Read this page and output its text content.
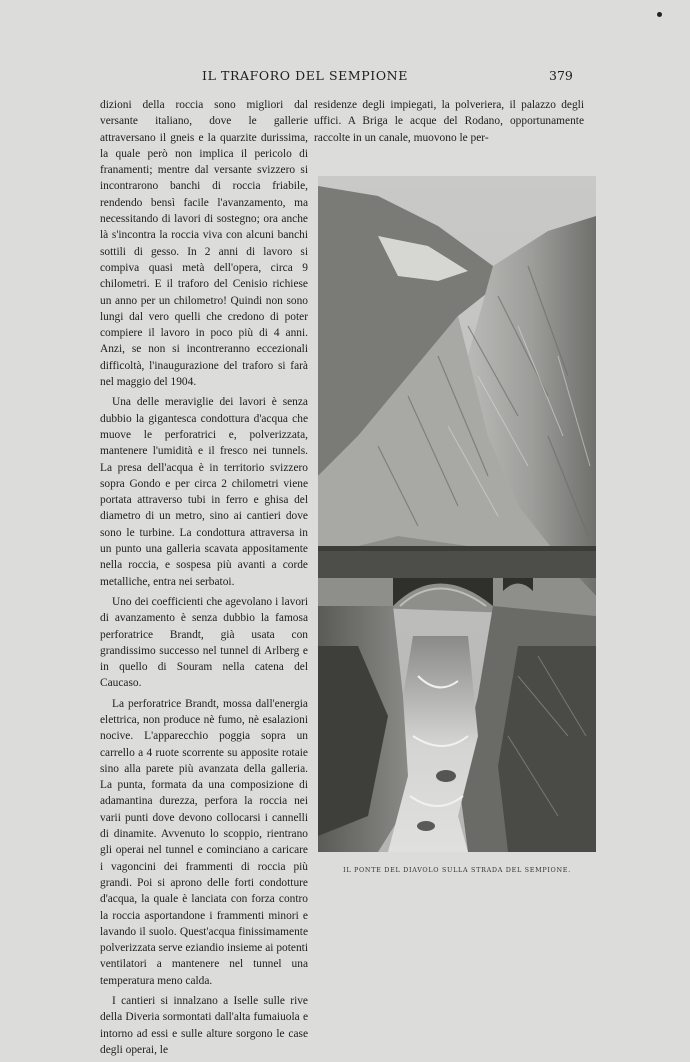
IL TRAFORO DEL SEMPIONE	379

dizioni della roccia sono migliori dal versante italiano, dove le gallerie attraversano il gneis e la quarzite durissima, la quale però non implica il pericolo di franamenti; mentre dal versante svizzero si incontrarono banchi di roccia friabile, rendendo bensì facile l'avanzamento, ma necessitando di lavori di sostegno; ora anche là s'incontra la roccia viva con alcuni banchi sottili di gesso. In 2 anni di lavoro si compiva quasi metà dell'opera, circa 9 chilometri. E il traforo del Cenisio richiese un anno per un chilometro! Quindi non sono lungi dal vero quelli che credono di poter compiere il lavoro in poco più di 4 anni. Anzi, se non si incontreranno eccezionali difficoltà, l'inaugurazione del traforo si farà nel maggio del 1904.

Una delle meraviglie dei lavori è senza dubbio la gigantesca condottura d'acqua che muove le perforatrici e, polverizzata, mantenere l'umidità e il fresco nei tunnels. La presa dell'acqua è in territorio svizzero sopra Gondo e per circa 2 chilometri viene portata attraverso tubi in ferro e ghisa del diametro di un metro, sino ai cantieri dove sono le turbine. La condottura attraversa in un punto una galleria scavata appositamente nella roccia, e sospesa più avanti a corde metalliche, entra nei serbatoi.

Uno dei coefficienti che agevolano i lavori di avanzamento è senza dubbio la famosa perforatrice Brandt, già usata con grandissimo successo nel tunnel di Arlberg e in quello di Souram nella catena del Caucaso.

La perforatrice Brandt, mossa dall'energia elettrica, non produce nè fumo, nè esalazioni nocive. L'apparecchio poggia sopra un carrello a 4 ruote scorrente su apposite rotaie sino alla parete più avanzata della galleria. La punta, formata da una composizione di adamantina durezza, perfora la roccia nei varii punti dove devono collocarsi i cannelli di dinamite. Avvenuto lo scoppio, rientrano gli operai nel tunnel e cominciano a caricare i vagoncini dei frammenti di roccia più grandi. Poi si aprono delle forti condotture d'acqua, la quale è lanciata con forza contro la roccia asportandone i frammenti minori e lavando il suolo. Quest'acqua finissimamente polverizzata serve eziandio insieme ai potenti ventilatori a mantenere nel tunnel una temperatura meno calda.

I cantieri si innalzano a Iselle sulle rive della Diveria sormontati dall'alta fumaiuola e intorno ad essi e sulle alture sorgono le case degli operai, le

residenze degli impiegati, la polveriera, il palazzo degli uffici. A Briga le acque del Rodano, opportunamente raccolte in un canale, muovono le per-

IL PONTE DEL DIAVOLO SULLA STRADA DEL SEMPIONE.
